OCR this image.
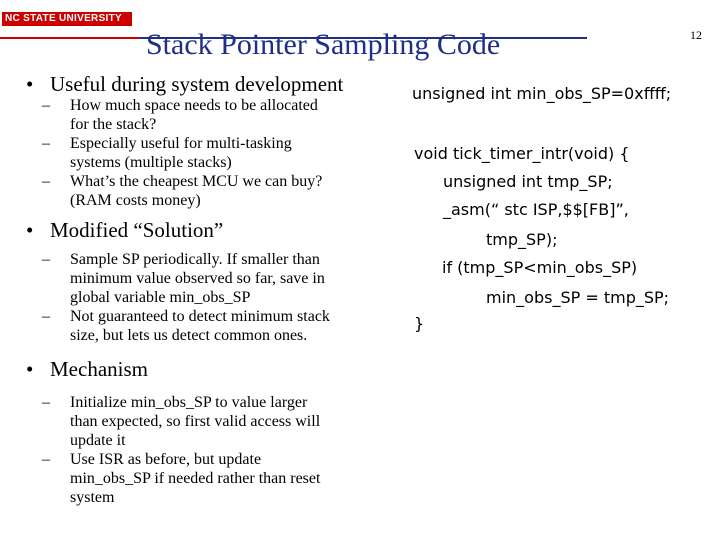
NC STATE UNIVERSITY
Stack Pointer Sampling Code	12
• Useful during system development
–	How much space needs to be allocated
for the stack?
–	Especially useful for multi-tasking
systems (multiple stacks)
–	What’s the cheapest MCU we can buy?
(RAM costs money)
• Modified “Solution”
–	Sample SP periodically. If smaller than
minimum value observed so far, save in
global variable min_obs_SP
–	Not guaranteed to detect minimum stack
size, but lets us detect common ones.
• Mechanism
–	Initialize min_obs_SP to value larger
than expected, so first valid access will
update it
–	Use ISR as before, but update
min_obs_SP if needed rather than reset
system
unsigned int min_obs_SP=0xffff;
void tick_timer_intr(void) {
unsigned int tmp_SP;
_asm(“ stc ISP,$$[FB]”,
tmp_SP);
if (tmp_SP<min_obs_SP)
min_obs_SP = tmp_SP;
}
